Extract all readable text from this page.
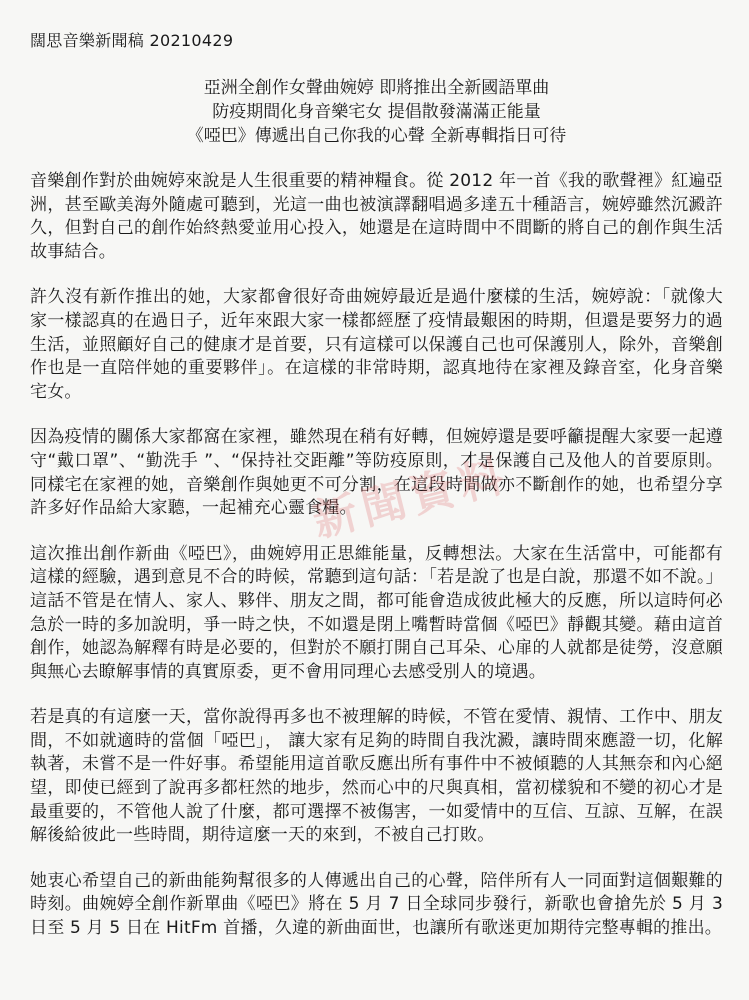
闊思音樂新聞稿 20210429
亞洲全創作女聲曲婉婷 即將推出全新國語單曲
防疫期間化身音樂宅女 提倡散發滿滿正能量
《啞巴》傳遞出自己你我的心聲 全新專輯指日可待

音樂創作對於曲婉婷來說是人生很重要的精神糧食。從 2012 年一首《我的歌聲裡》紅遍亞洲，甚至歐美海外隨處可聽到，光這一曲也被演譯翻唱過多達五十種語言，婉婷雖然沉澱許久，但對自己的創作始終熱愛並用心投入，她還是在這時間中不間斷的將自己的創作與生活故事結合。

許久沒有新作推出的她，大家都會很好奇曲婉婷最近是過什麼樣的生活，婉婷說：「就像大家一樣認真的在過日子，近年來跟大家一樣都經歷了疫情最艱困的時期，但還是要努力的過生活，並照顧好自己的健康才是首要，只有這樣可以保護自己也可保護別人，除外，音樂創作也是一直陪伴她的重要夥伴」。在這樣的非常時期，認真地待在家裡及錄音室，化身音樂宅女。

因為疫情的關係大家都窩在家裡，雖然現在稍有好轉，但婉婷還是要呼籲提醒大家要一起遵守“戴口罩”、“勤洗手 ”、“保持社交距離”等防疫原則，才是保護自己及他人的首要原則。同樣宅在家裡的她，音樂創作與她更不可分割，在這段時間做亦不斷創作的她，也希望分享許多好作品給大家聽，一起補充心靈食糧。

這次推出創作新曲《啞巴》，曲婉婷用正思維能量，反轉想法。大家在生活當中，可能都有這樣的經驗，遇到意見不合的時候，常聽到這句話：「若是說了也是白說，那還不如不說。」這話不管是在情人、家人、夥伴、朋友之間，都可能會造成彼此極大的反應，所以這時何必急於一時的多加說明，爭一時之快，不如還是閉上嘴暫時當個《啞巴》靜觀其變。藉由這首創作，她認為解釋有時是必要的，但對於不願打開自己耳朵、心扉的人就都是徒勞，沒意願與無心去瞭解事情的真實原委，更不會用同理心去感受別人的境遇。

若是真的有這麼一天，當你說得再多也不被理解的時候，不管在愛情、親情、工作中、朋友間，不如就適時的當個「啞巴」， 讓大家有足夠的時間自我沈澱，讓時間來應證一切，化解執著，未嘗不是一件好事。希望能用這首歌反應出所有事件中不被傾聽的人其無奈和內心絕望，即使已經到了說再多都枉然的地步，然而心中的尺與真相，當初樣貌和不變的初心才是最重要的，不管他人說了什麼，都可選擇不被傷害，一如愛情中的互信、互諒、互解，在誤解後給彼此一些時間，期待這麼一天的來到，不被自己打敗。

她衷心希望自己的新曲能夠幫很多的人傳遞出自己的心聲，陪伴所有人一同面對這個艱難的時刻。曲婉婷全創作新單曲《啞巴》將在 5 月 7 日全球同步發行，新歌也會搶先於 5 月 3 日至 5 月 5 日在 HitFm 首播，久違的新曲面世，也讓所有歌迷更加期待完整專輯的推出。

新聞資料
